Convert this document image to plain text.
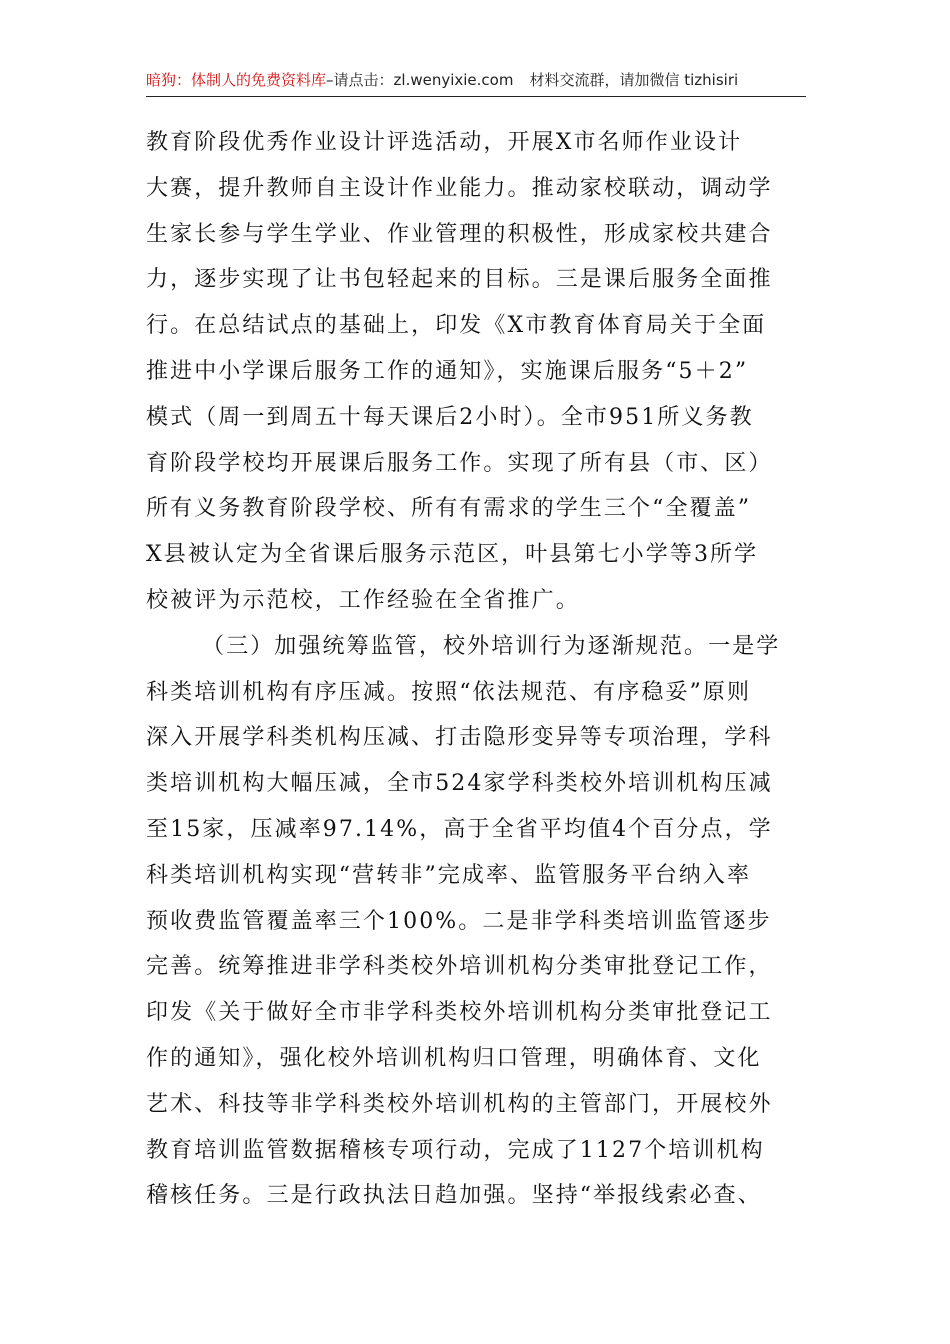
暗狗：体制人的免费资料库–请点击：zl.wenyixie.com 材料交流群，请加微信 tizhisiri
教育阶段优秀作业设计评选活动，开展X市名师作业设计
大赛，提升教师自主设计作业能力。推动家校联动，调动学
生家长参与学生学业、作业管理的积极性，形成家校共建合
力，逐步实现了让书包轻起来的目标。三是课后服务全面推
行。在总结试点的基础上，印发《X市教育体育局关于全面
推进中小学课后服务工作的通知》，实施课后服务“5＋2”
模式（周一到周五十每天课后2小时）。全市951所义务教
育阶段学校均开展课后服务工作。实现了所有县（市、区）
所有义务教育阶段学校、所有有需求的学生三个“全覆盖”
X县被认定为全省课后服务示范区，叶县第七小学等3所学
校被评为示范校，工作经验在全省推广。
（三）加强统筹监管，校外培训行为逐渐规范。一是学
科类培训机构有序压减。按照“依法规范、有序稳妥”原则
深入开展学科类机构压减、打击隐形变异等专项治理，学科
类培训机构大幅压减，全市524家学科类校外培训机构压减
至15家，压减率97.14%，高于全省平均值4个百分点，学
科类培训机构实现“营转非”完成率、监管服务平台纳入率
预收费监管覆盖率三个100%。二是非学科类培训监管逐步
完善。统筹推进非学科类校外培训机构分类审批登记工作，
印发《关于做好全市非学科类校外培训机构分类审批登记工
作的通知》，强化校外培训机构归口管理，明确体育、文化
艺术、科技等非学科类校外培训机构的主管部门，开展校外
教育培训监管数据稽核专项行动，完成了1127个培训机构
稽核任务。三是行政执法日趋加强。坚持“举报线索必查、
